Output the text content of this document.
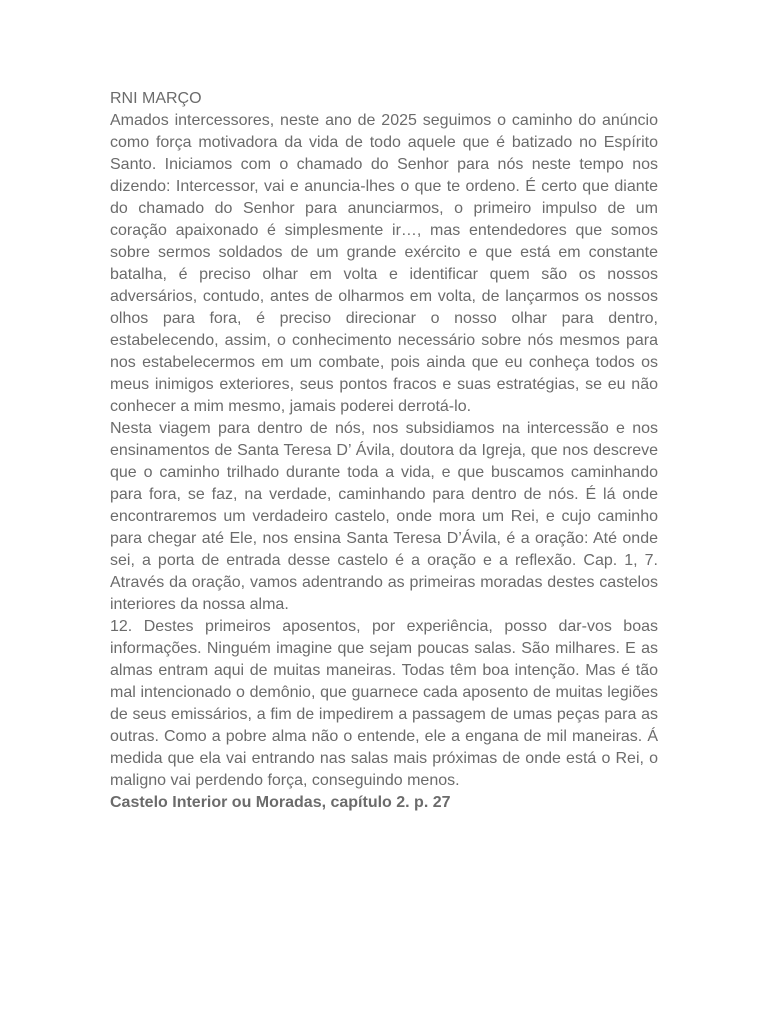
RNI MARÇO

Amados intercessores, neste ano de 2025 seguimos o caminho do anúncio como força motivadora da vida de todo aquele que é batizado no Espírito Santo. Iniciamos com o chamado do Senhor para nós neste tempo nos dizendo: Intercessor, vai e anuncia-lhes o que te ordeno. É certo que diante do chamado do Senhor para anunciarmos, o primeiro impulso de um coração apaixonado é simplesmente ir…, mas entendedores que somos sobre sermos soldados de um grande exército e que está em constante batalha, é preciso olhar em volta e identificar quem são os nossos adversários, contudo, antes de olharmos em volta, de lançarmos os nossos olhos para fora, é preciso direcionar o nosso olhar para dentro, estabelecendo, assim, o conhecimento necessário sobre nós mesmos para nos estabelecermos em um combate, pois ainda que eu conheça todos os meus inimigos exteriores, seus pontos fracos e suas estratégias, se eu não conhecer a mim mesmo, jamais poderei derrotá-lo.

Nesta viagem para dentro de nós, nos subsidiamos na intercessão e nos ensinamentos de Santa Teresa D’ Ávila, doutora da Igreja, que nos descreve que o caminho trilhado durante toda a vida, e que buscamos caminhando para fora, se faz, na verdade, caminhando para dentro de nós. É lá onde encontraremos um verdadeiro castelo, onde mora um Rei, e cujo caminho para chegar até Ele, nos ensina Santa Teresa D’Ávila, é a oração: Até onde sei, a porta de entrada desse castelo é a oração e a reflexão. Cap. 1, 7. Através da oração, vamos adentrando as primeiras moradas destes castelos interiores da nossa alma.

12. Destes primeiros aposentos, por experiência, posso dar-vos boas informações. Ninguém imagine que sejam poucas salas. São milhares. E as almas entram aqui de muitas maneiras. Todas têm boa intenção. Mas é tão mal intencionado o demônio, que guarnece cada aposento de muitas legiões de seus emissários, a fim de impedirem a passagem de umas peças para as outras. Como a pobre alma não o entende, ele a engana de mil maneiras. Á medida que ela vai entrando nas salas mais próximas de onde está o Rei, o maligno vai perdendo força, conseguindo menos.

Castelo Interior ou Moradas, capítulo 2. p. 27
